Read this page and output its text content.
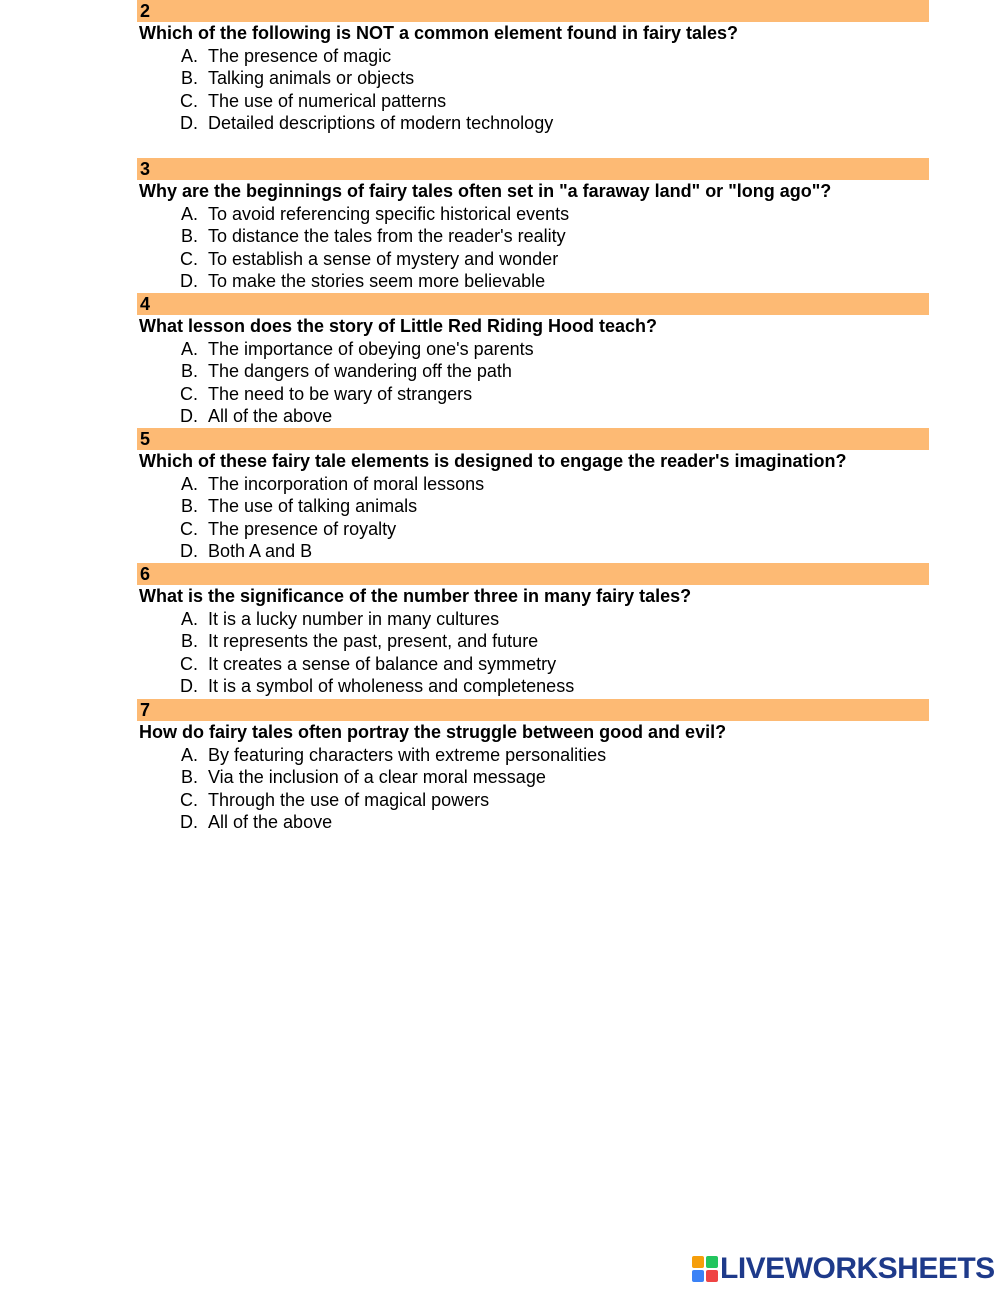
2
Which of the following is NOT a common element found in fairy tales?
A. The presence of magic
B. Talking animals or objects
C. The use of numerical patterns
D. Detailed descriptions of modern technology
3
Why are the beginnings of fairy tales often set in "a faraway land" or "long ago"?
A. To avoid referencing specific historical events
B. To distance the tales from the reader's reality
C. To establish a sense of mystery and wonder
D. To make the stories seem more believable
4
What lesson does the story of Little Red Riding Hood teach?
A. The importance of obeying one's parents
B. The dangers of wandering off the path
C. The need to be wary of strangers
D. All of the above
5
Which of these fairy tale elements is designed to engage the reader's imagination?
A. The incorporation of moral lessons
B. The use of talking animals
C. The presence of royalty
D. Both A and B
6
What is the significance of the number three in many fairy tales?
A. It is a lucky number in many cultures
B. It represents the past, present, and future
C. It creates a sense of balance and symmetry
D. It is a symbol of wholeness and completeness
7
How do fairy tales often portray the struggle between good and evil?
A. By featuring characters with extreme personalities
B. Via the inclusion of a clear moral message
C. Through the use of magical powers
D. All of the above
LIVEWORKSHEETS
